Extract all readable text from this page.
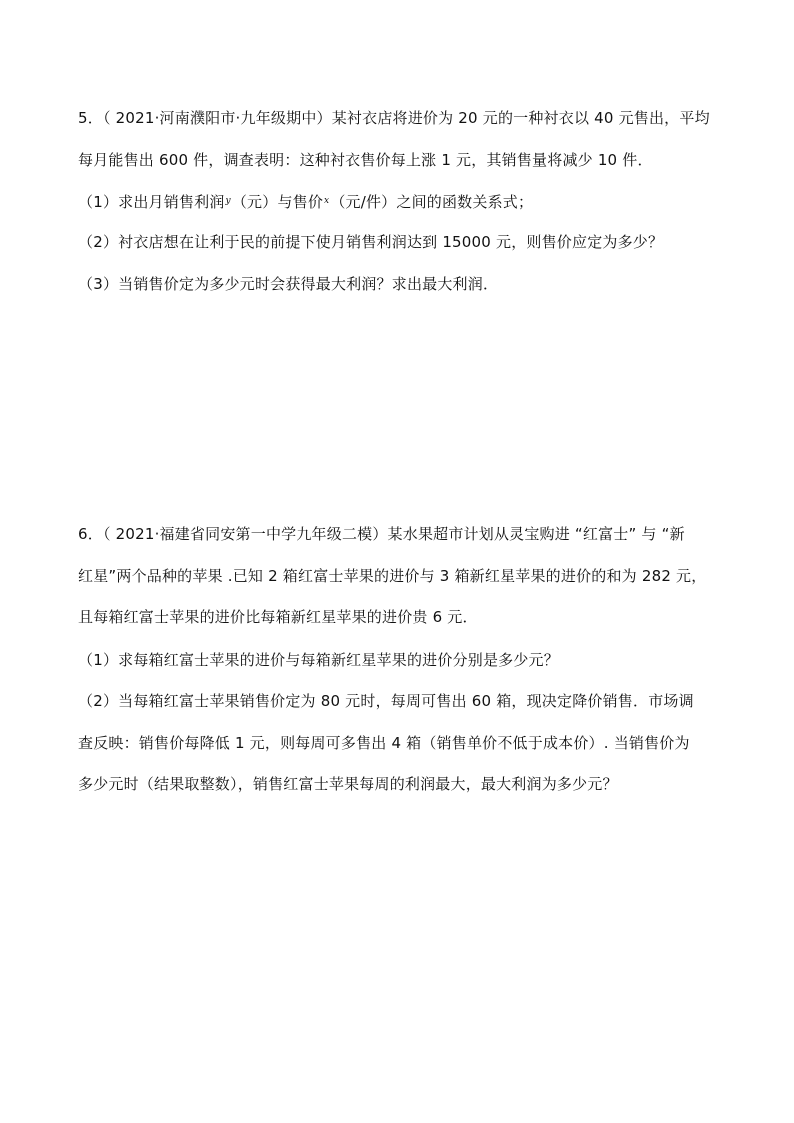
5．（ 2021·河南濮阳市·九年级期中）某衬衣店将进价为 20 元的一种衬衣以 40 元售出，平均
每月能售出 600 件，调查表明：这种衬衣售价每上涨 1 元，其销售量将减少 10 件．
（1）求出月销售利润$^y$（元）与售价$^x$（元/件）之间的函数关系式；
（2）衬衣店想在让利于民的前提下使月销售利润达到 15000 元，则售价应定为多少？
（3）当销售价定为多少元时会获得最大利润？求出最大利润．
6．（ 2021·福建省同安第一中学九年级二模）某水果超市计划从灵宝购进 “红富士” 与 “新
红星”两个品种的苹果 .已知 2 箱红富士苹果的进价与 3 箱新红星苹果的进价的和为 282 元，
且每箱红富士苹果的进价比每箱新红星苹果的进价贵 6 元．
（1）求每箱红富士苹果的进价与每箱新红星苹果的进价分别是多少元？
（2）当每箱红富士苹果销售价定为 80 元时，每周可售出 60 箱，现决定降价销售．市场调
查反映：销售价每降低 1 元，则每周可多售出 4 箱（销售单价不低于成本价）. 当销售价为
多少元时（结果取整数），销售红富士苹果每周的利润最大，最大利润为多少元？
